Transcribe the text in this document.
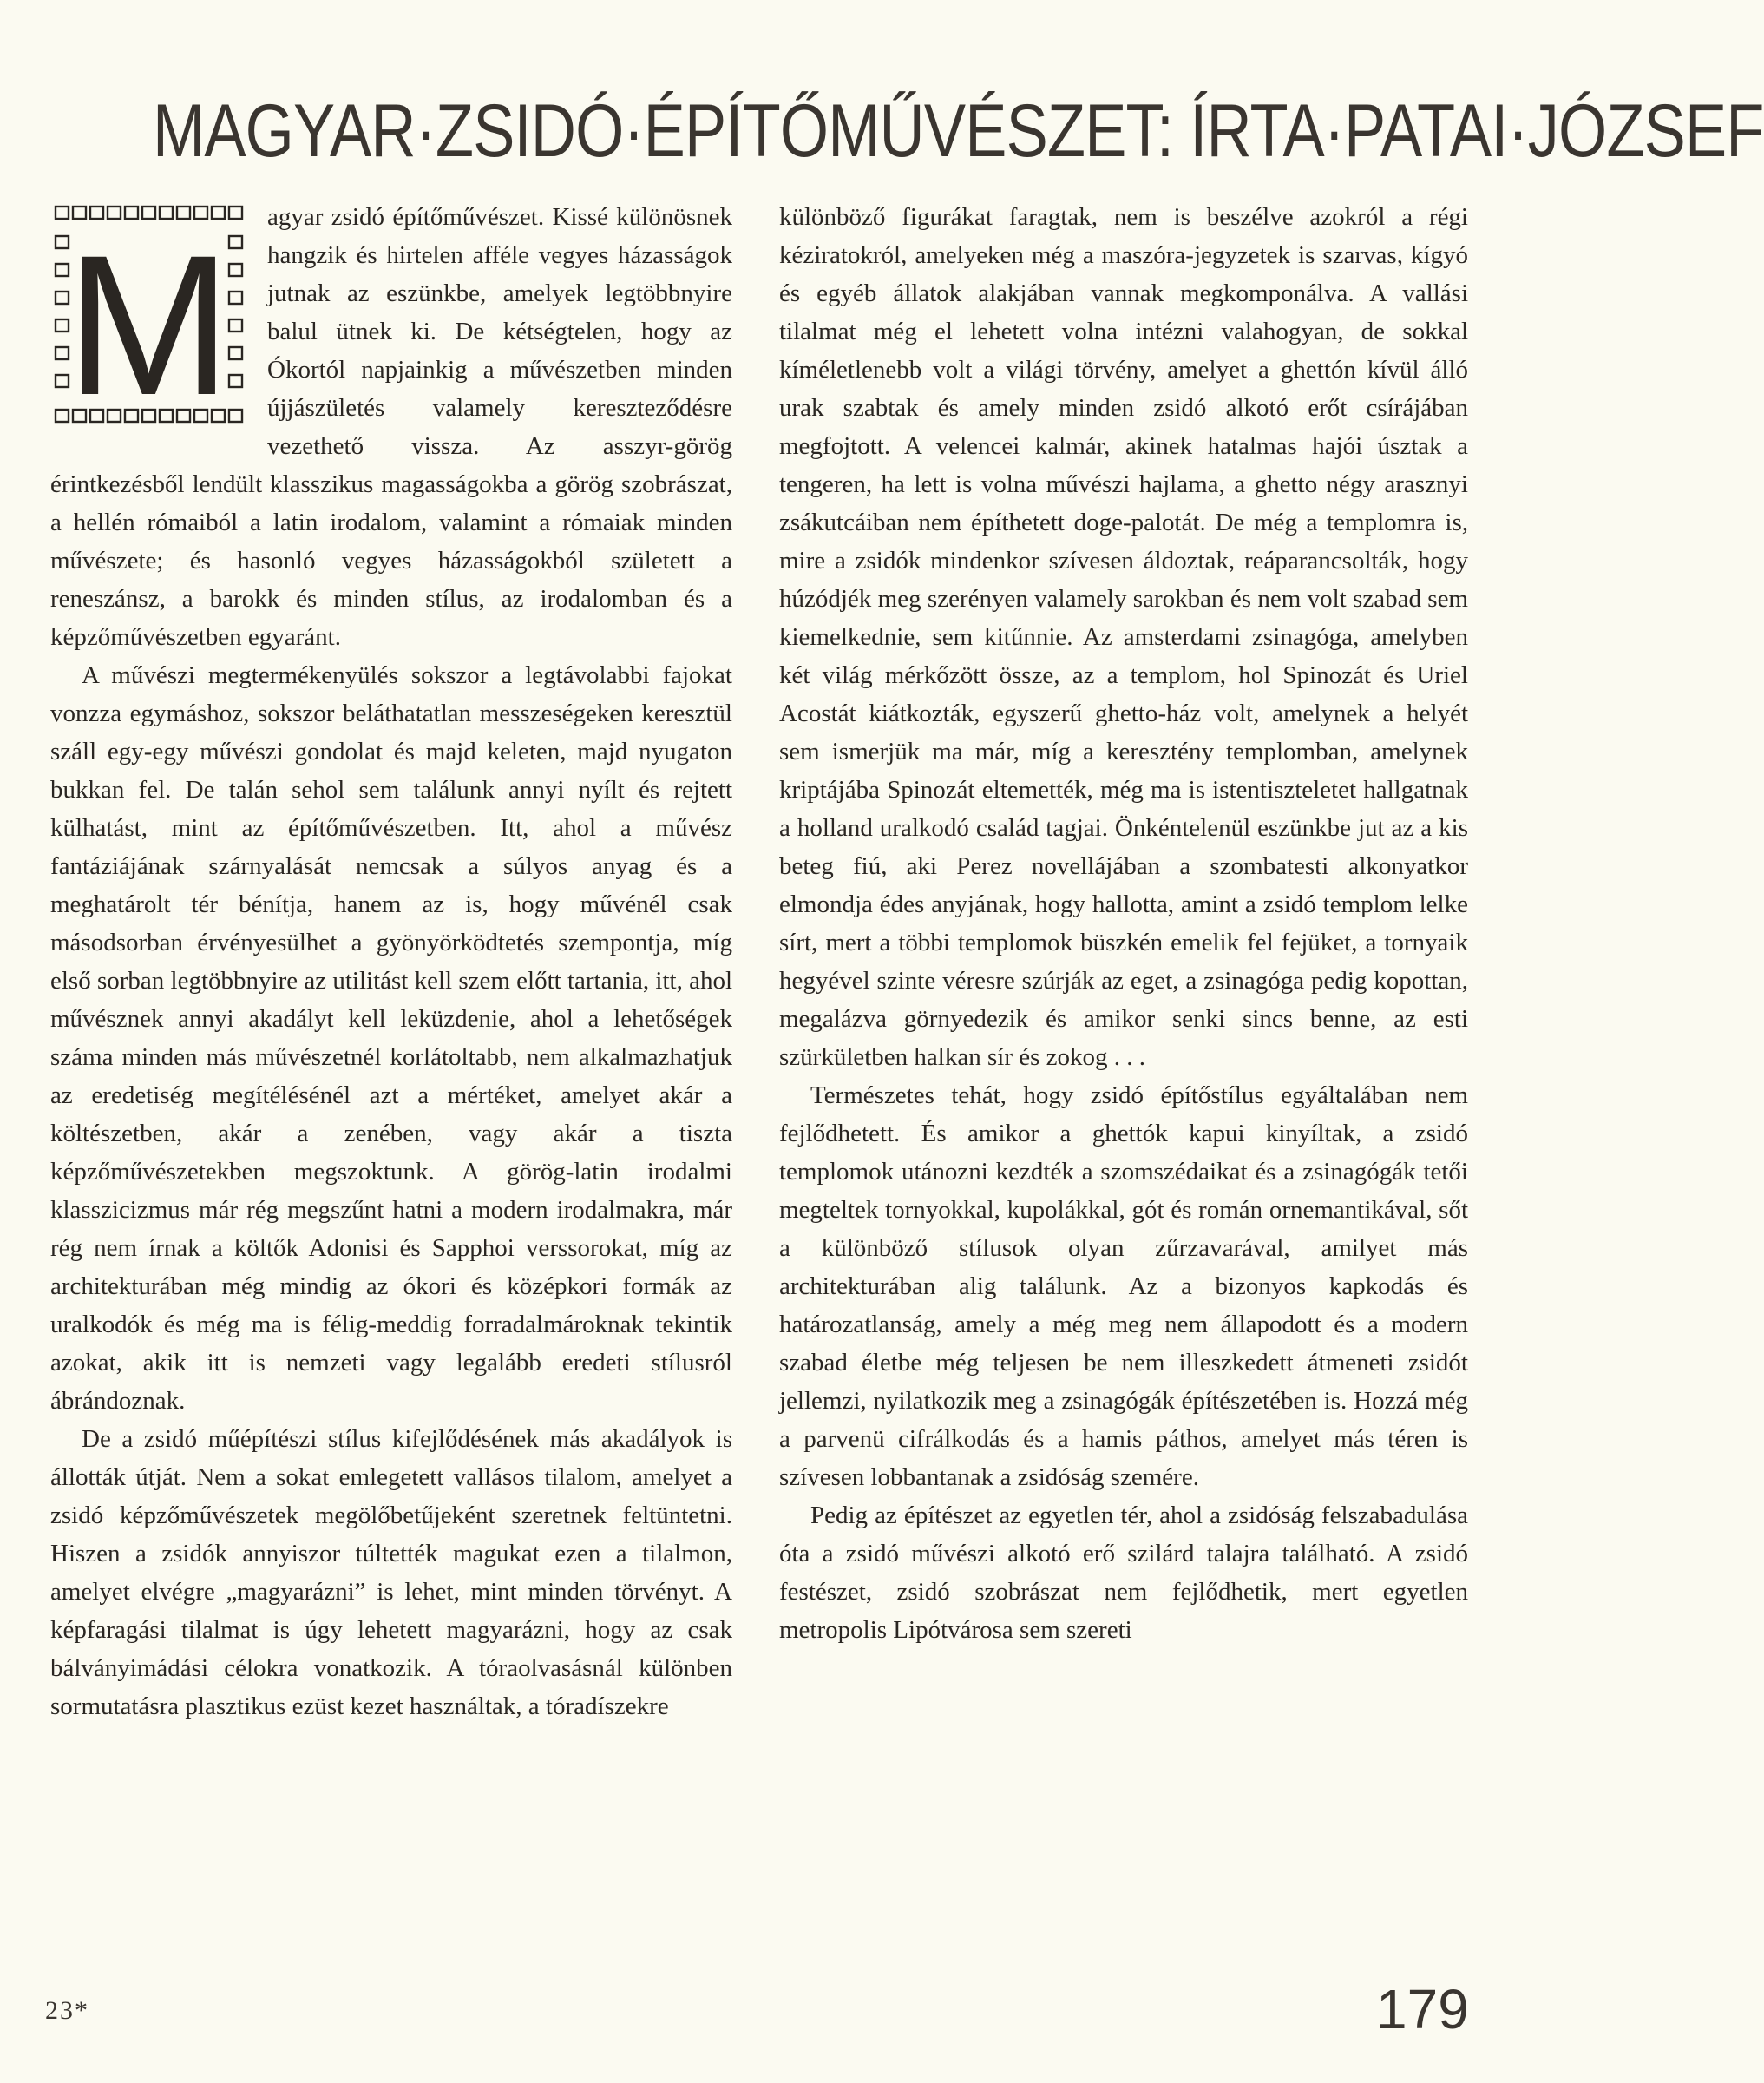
MAGYAR·ZSIDÓ·ÉPÍTŐMŰVÉSZET: ÍRTA·PATAI·JÓZSEF
M	agyar zsidó építőművészet. Kissé különösnek hangzik és hirtelen afféle vegyes házasságok jutnak az eszünkbe, amelyek legtöbbnyire balul ütnek ki. De kétségtelen, hogy az Ókortól napjainkig a művészetben minden újjászületés valamely kereszteződésre vezethető vissza. Az asszyr-görög érintkezésből lendült klasszikus magasságokba a görög szobrászat, a hellén rómaiból a latin irodalom, valamint a rómaiak minden művészete; és hasonló vegyes házasságokból született a reneszánsz, a barokk és minden stílus, az irodalomban és a képzőművészetben egyaránt.

A művészi megtermékenyülés sokszor a legtávolabbi fajokat vonzza egymáshoz, sokszor beláthatatlan messzeségeken keresztül száll egy-egy művészi gondolat és majd keleten, majd nyugaton bukkan fel. De talán sehol sem találunk annyi nyílt és rejtett külhatást, mint az építőművészetben. Itt, ahol a művész fantáziájának szárnyalását nemcsak a súlyos anyag és a meghatárolt tér bénítja, hanem az is, hogy művénél csak másodsorban érvényesülhet a gyönyörködtetés szempontja, míg első sorban legtöbbnyire az utilitást kell szem előtt tartania, itt, ahol művésznek annyi akadályt kell leküzdenie, ahol a lehetőségek száma minden más művészetnél korlátoltabb, nem alkalmazhatjuk az eredetiség megítélésénél azt a mértéket, amelyet akár a költészetben, akár a zenében, vagy akár a tiszta képzőművészetekben megszoktunk. A görög-latin irodalmi klasszicizmus már rég megszűnt hatni a modern irodalmakra, már rég nem írnak a költők Adonisi és Sapphoi verssorokat, míg az architekturában még mindig az ókori és középkori formák az uralkodók és még ma is félig-meddig forradalmároknak tekintik azokat, akik itt is nemzeti vagy legalább eredeti stílusról ábrándoznak.

De a zsidó műépítészi stílus kifejlődésének más akadályok is állották útját. Nem a sokat emlegetett vallásos tilalom, amelyet a zsidó képzőművészetek megölőbetűjeként szeretnek feltüntetni. Hiszen a zsidók annyiszor túltették magukat ezen a tilalmon, amelyet elvégre „magyarázni” is lehet, mint minden törvényt. A képfaragási tilalmat is úgy lehetett magyarázni, hogy az csak bálványimádási célokra vonatkozik. A tóraolvasásnál különben sormutatásra plasztikus ezüst kezet használtak, a tóradíszekre

különböző figurákat faragtak, nem is beszélve azokról a régi kéziratokról, amelyeken még a maszóra-jegyzetek is szarvas, kígyó és egyéb állatok alakjában vannak megkomponálva. A vallási tilalmat még el lehetett volna intézni valahogyan, de sokkal kíméletlenebb volt a világi törvény, amelyet a ghettón kívül álló urak szabtak és amely minden zsidó alkotó erőt csírájában megfojtott. A velencei kalmár, akinek hatalmas hajói úsztak a tengeren, ha lett is volna művészi hajlama, a ghetto négy arasznyi zsákutcáiban nem építhetett doge-palotát. De még a templomra is, mire a zsidók mindenkor szívesen áldoztak, reáparancsolták, hogy húzódjék meg szerényen valamely sarokban és nem volt szabad sem kiemelkednie, sem kitűnnie. Az amsterdami zsinagóga, amelyben két világ mérkőzött össze, az a templom, hol Spinozát és Uriel Acostát kiátkozták, egyszerű ghetto-ház volt, amelynek a helyét sem ismerjük ma már, míg a keresztény templomban, amelynek kriptájába Spinozát eltemették, még ma is istentiszteletet hallgatnak a holland uralkodó család tagjai. Önkéntelenül eszünkbe jut az a kis beteg fiú, aki Perez novellájában a szombatesti alkonyatkor elmondja édes anyjának, hogy hallotta, amint a zsidó templom lelke sírt, mert a többi templomok büszkén emelik fel fejüket, a tornyaik hegyével szinte véresre szúrják az eget, a zsinagóga pedig kopottan, megalázva görnyedezik és amikor senki sincs benne, az esti szürkületben halkan sír és zokog . . .

Természetes tehát, hogy zsidó építőstílus egyáltalában nem fejlődhetett. És amikor a ghettók kapui kinyíltak, a zsidó templomok utánozni kezdték a szomszédaikat és a zsinagógák tetői megteltek tornyokkal, kupolákkal, gót és román ornemantikával, sőt a különböző stílusok olyan zűrzavarával, amilyet más architekturában alig találunk. Az a bizonyos kapkodás és határozatlanság, amely a még meg nem állapodott és a modern szabad életbe még teljesen be nem illeszkedett átmeneti zsidót jellemzi, nyilatkozik meg a zsinagógák építészetében is. Hozzá még a parvenü cifrálkodás és a hamis páthos, amelyet más téren is szívesen lobbantanak a zsidóság szemére.

Pedig az építészet az egyetlen tér, ahol a zsidóság felszabadulása óta a zsidó művészi alkotó erő szilárd talajra található. A zsidó festészet, zsidó szobrászat nem fejlődhetik, mert egyetlen metropolis Lipótvárosa sem szereti

23*	179
